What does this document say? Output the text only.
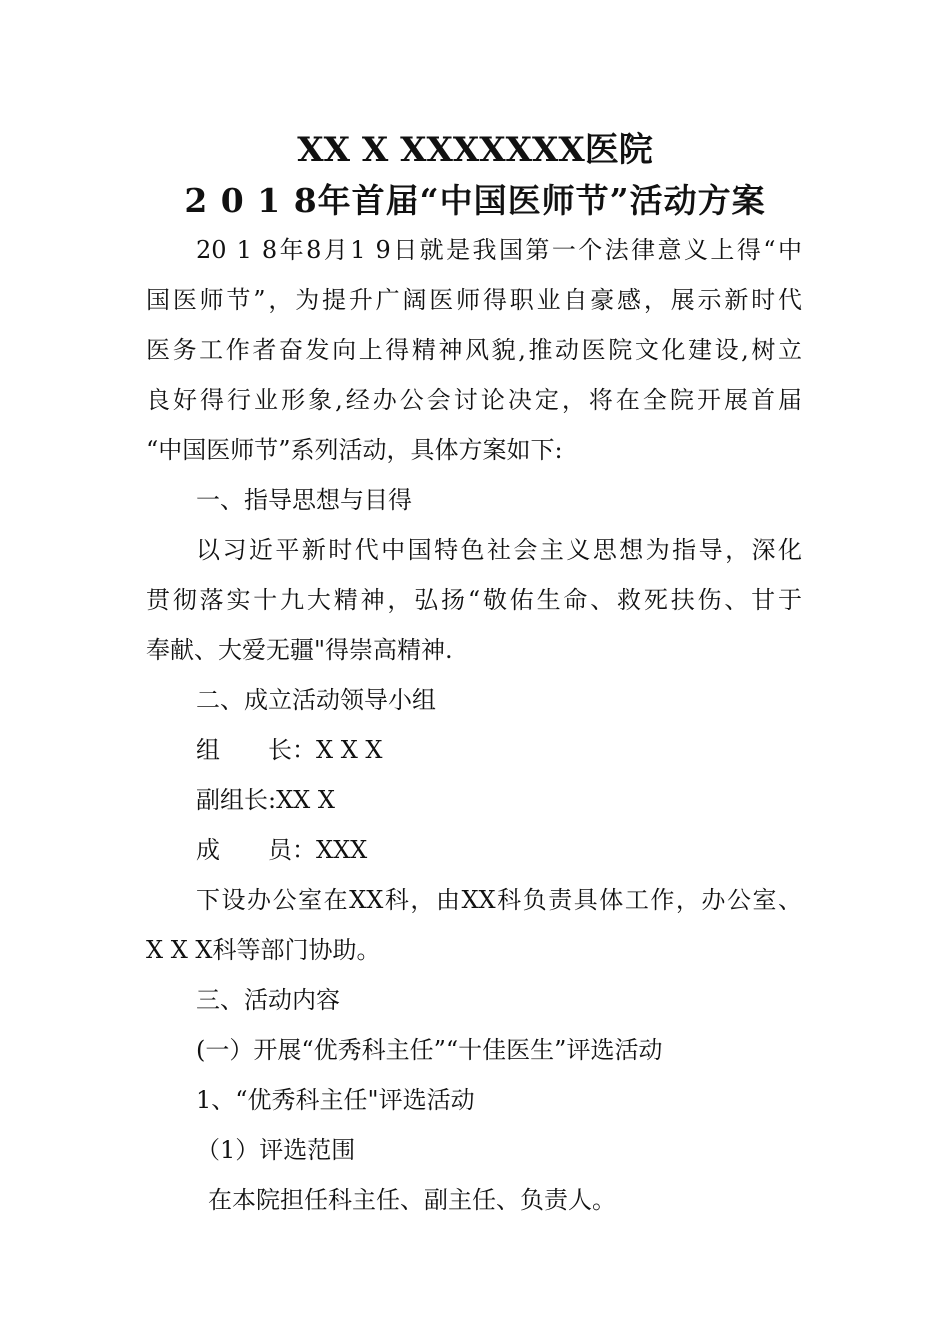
XX X XXXXXXX医院
2 0 1 8年首届“中国医师节”活动方案
20 1 8年8月1 9日就是我国第一个法律意义上得“中
国医师节”，为提升广阔医师得职业自豪感，展示新时代
医务工作者奋发向上得精神风貌,推动医院文化建设,树立
良好得行业形象,经办公会讨论决定，将在全院开展首届
“中国医师节”系列活动，具体方案如下:
一、指导思想与目得
以习近平新时代中国特色社会主义思想为指导，深化
贯彻落实十九大精神，弘扬“敬佑生命、救死扶伤、甘于
奉献、大爱无疆"得崇高精神.
二、成立活动领导小组
组　　长：X X X
副组长:XX X
成　　员：XXX
下设办公室在XX科，由XX科负责具体工作，办公室、
X X X科等部门协助。
三、活动内容
(一）开展“优秀科主任”“十佳医生”评选活动
1、“优秀科主任"评选活动
（1）评选范围
在本院担任科主任、副主任、负责人。
